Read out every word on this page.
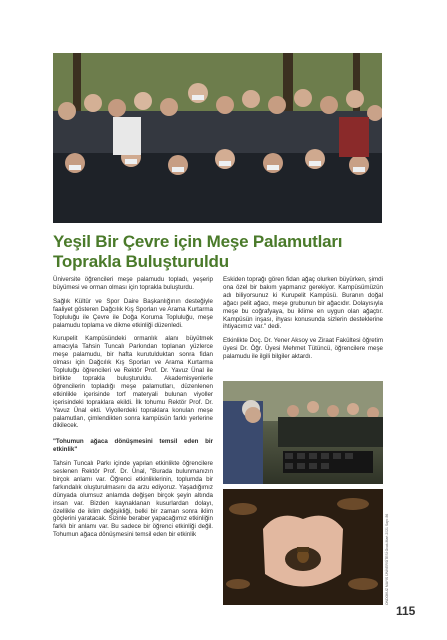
Yeşil Bir Çevre için Meşe Palamutları Toprakla Buluşturuldu

Üniversite öğrencileri meşe palamudu topladı, yeşerip büyümesi ve orman olması için toprakla buluşturdu.

Sağlık Kültür ve Spor Daire Başkanlığının desteğiyle faaliyet gösteren Dağcılık Kış Sporları ve Arama Kurtarma Topluluğu ile Çevre ile Doğa Koruma Topluluğu, meşe palamudu toplama ve dikme etkinliği düzenledi.

Kurupelit Kampüsündeki ormanlık alanı büyütmek amacıyla Tahsin Tuncalı Parkından toplanan yüzlerce meşe palamudu, bir hafta kurutulduktan sonra fidan olması için Dağcılık Kış Sporları ve Arama Kurtarma Topluluğu öğrencileri ve Rektör Prof. Dr. Yavuz Ünal ile birlikte toprakla buluşturuldu. Akademisyenlerle öğrencilerin topladığı meşe palamutları, düzenlenen etkinlikle içerisinde torf materyali bulunan viyoller içerisindeki topraklara ekildi. İlk tohumu Rektör Prof. Dr. Yavuz Ünal ekti. Viyollerdeki topraklara konulan meşe palamutları, çimlendikten sonra kampüsün farklı yerlerine dikilecek.

"Tohumun ağaca dönüşmesini temsil eden bir etkinlik"

Tahsin Tuncalı Parkı içinde yapılan etkinlikte öğrencilere seslenen Rektör Prof. Dr. Ünal, "Burada bulunmanızın birçok anlamı var. Öğrenci etkinliklerinin, toplumda bir farkındalık oluşturulmasını da arzu ediyoruz. Yaşadığımız dünyada olumsuz anlamda değişen birçok şeyin altında insan var. Bizden kaynaklanan kusurlardan dolayı, özellikle de iklim değişikliği, belki bir zaman sonra iklim göçlerini yaratacak. Sizinle beraber yapacağımız etkinliğin farklı bir anlamı var. Bu sadece bir öğrenci etkinliği değil. Tohumun ağaca dönüşmesini temsil eden bir etkinlik

Eskiden toprağı gören fidan ağaç olurken büyürken, şimdi ona özel bir bakım yapmanız gerekiyor. Kampüsümüzün adı biliyorsunuz ki Kurupelit Kampüsü. Buranın doğal ağacı pelit ağacı, meşe grubunun bir ağacıdır. Dolayısıyla meşe bu coğrafyaya, bu iklime en uygun olan ağaçtır. Kampüsün inşası, ihyası konusunda sizlerin desteklerine ihtiyacımız var." dedi.

Etkinlikte Doç. Dr. Yener Aksoy ve Ziraat Fakültesi öğretim üyesi Dr. Öğr. Üyesi Mehmet Tütüncü, öğrencilere meşe palamudu ile ilgili bilgiler aktardı.

ONDOKUZ MAYIS ÜNİVERSİTESİ Ocak-Mart 2021 Sayı: 86
115
